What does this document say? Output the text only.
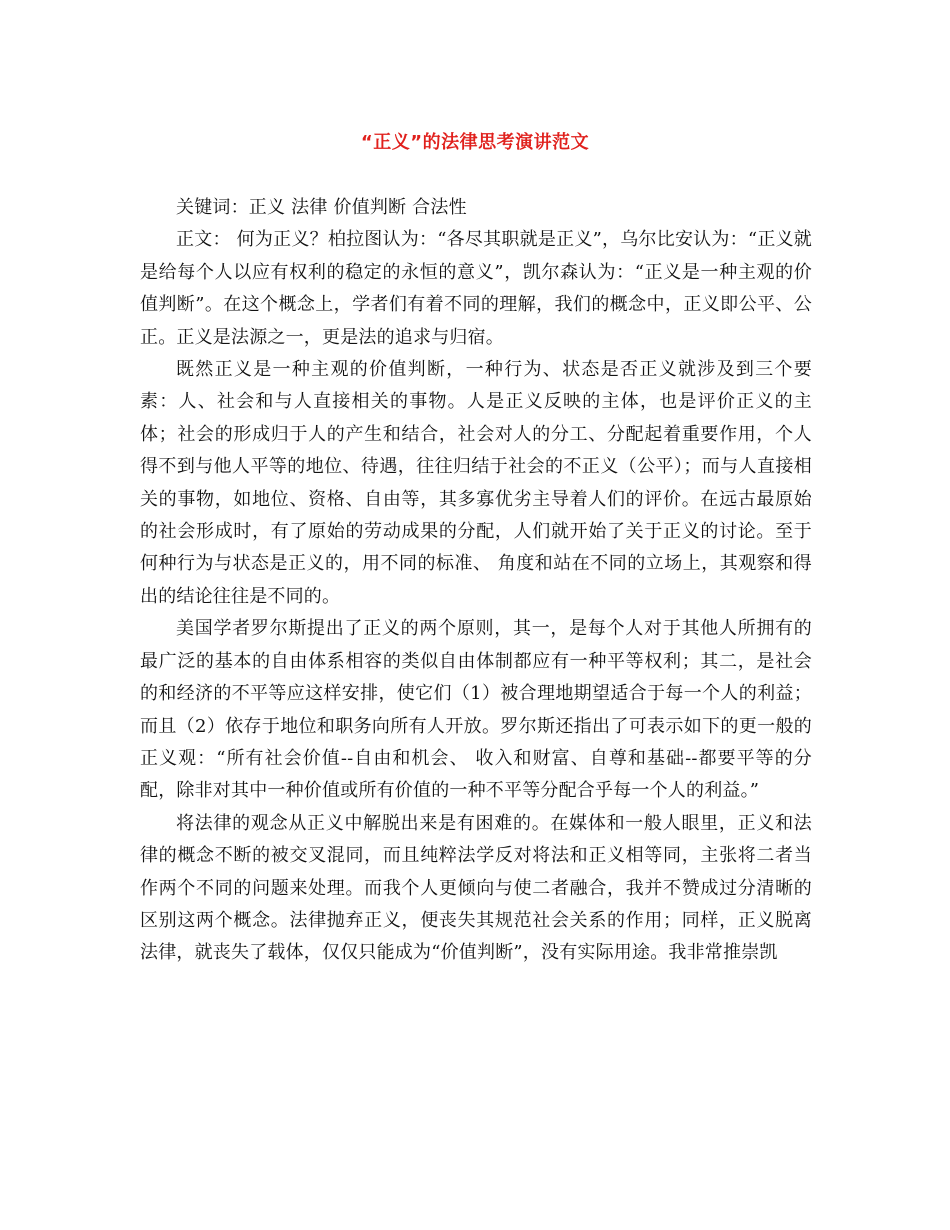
“正义”的法律思考演讲范文

关键词：正义 法律 价值判断 合法性

正文： 何为正义？柏拉图认为：“各尽其职就是正义”，乌尔比安认为：“正义就是给每个人以应有权利的稳定的永恒的意义”，凯尔森认为：“正义是一种主观的价值判断”。在这个概念上，学者们有着不同的理解，我们的概念中，正义即公平、公正。正义是法源之一，更是法的追求与归宿。

既然正义是一种主观的价值判断，一种行为、状态是否正义就涉及到三个要素：人、社会和与人直接相关的事物。人是正义反映的主体，也是评价正义的主体；社会的形成归于人的产生和结合，社会对人的分工、分配起着重要作用，个人得不到与他人平等的地位、待遇，往往归结于社会的不正义（公平）；而与人直接相关的事物，如地位、资格、自由等，其多寡优劣主导着人们的评价。在远古最原始的社会形成时，有了原始的劳动成果的分配，人们就开始了关于正义的讨论。至于何种行为与状态是正义的，用不同的标准、 角度和站在不同的立场上，其观察和得出的结论往往是不同的。

美国学者罗尔斯提出了正义的两个原则，其一，是每个人对于其他人所拥有的最广泛的基本的自由体系相容的类似自由体制都应有一种平等权利；其二，是社会的和经济的不平等应这样安排，使它们（1）被合理地期望适合于每一个人的利益；而且（2）依存于地位和职务向所有人开放。罗尔斯还指出了可表示如下的更一般的正义观：“所有社会价值--自由和机会、 收入和财富、自尊和基础--都要平等的分配，除非对其中一种价值或所有价值的一种不平等分配合乎每一个人的利益。”

将法律的观念从正义中解脱出来是有困难的。在媒体和一般人眼里，正义和法律的概念不断的被交叉混同，而且纯粹法学反对将法和正义相等同，主张将二者当作两个不同的问题来处理。而我个人更倾向与使二者融合，我并不赞成过分清晰的区别这两个概念。法律抛弃正义，便丧失其规范社会关系的作用；同样，正义脱离法律，就丧失了载体，仅仅只能成为“价值判断”，没有实际用途。我非常推崇凯
